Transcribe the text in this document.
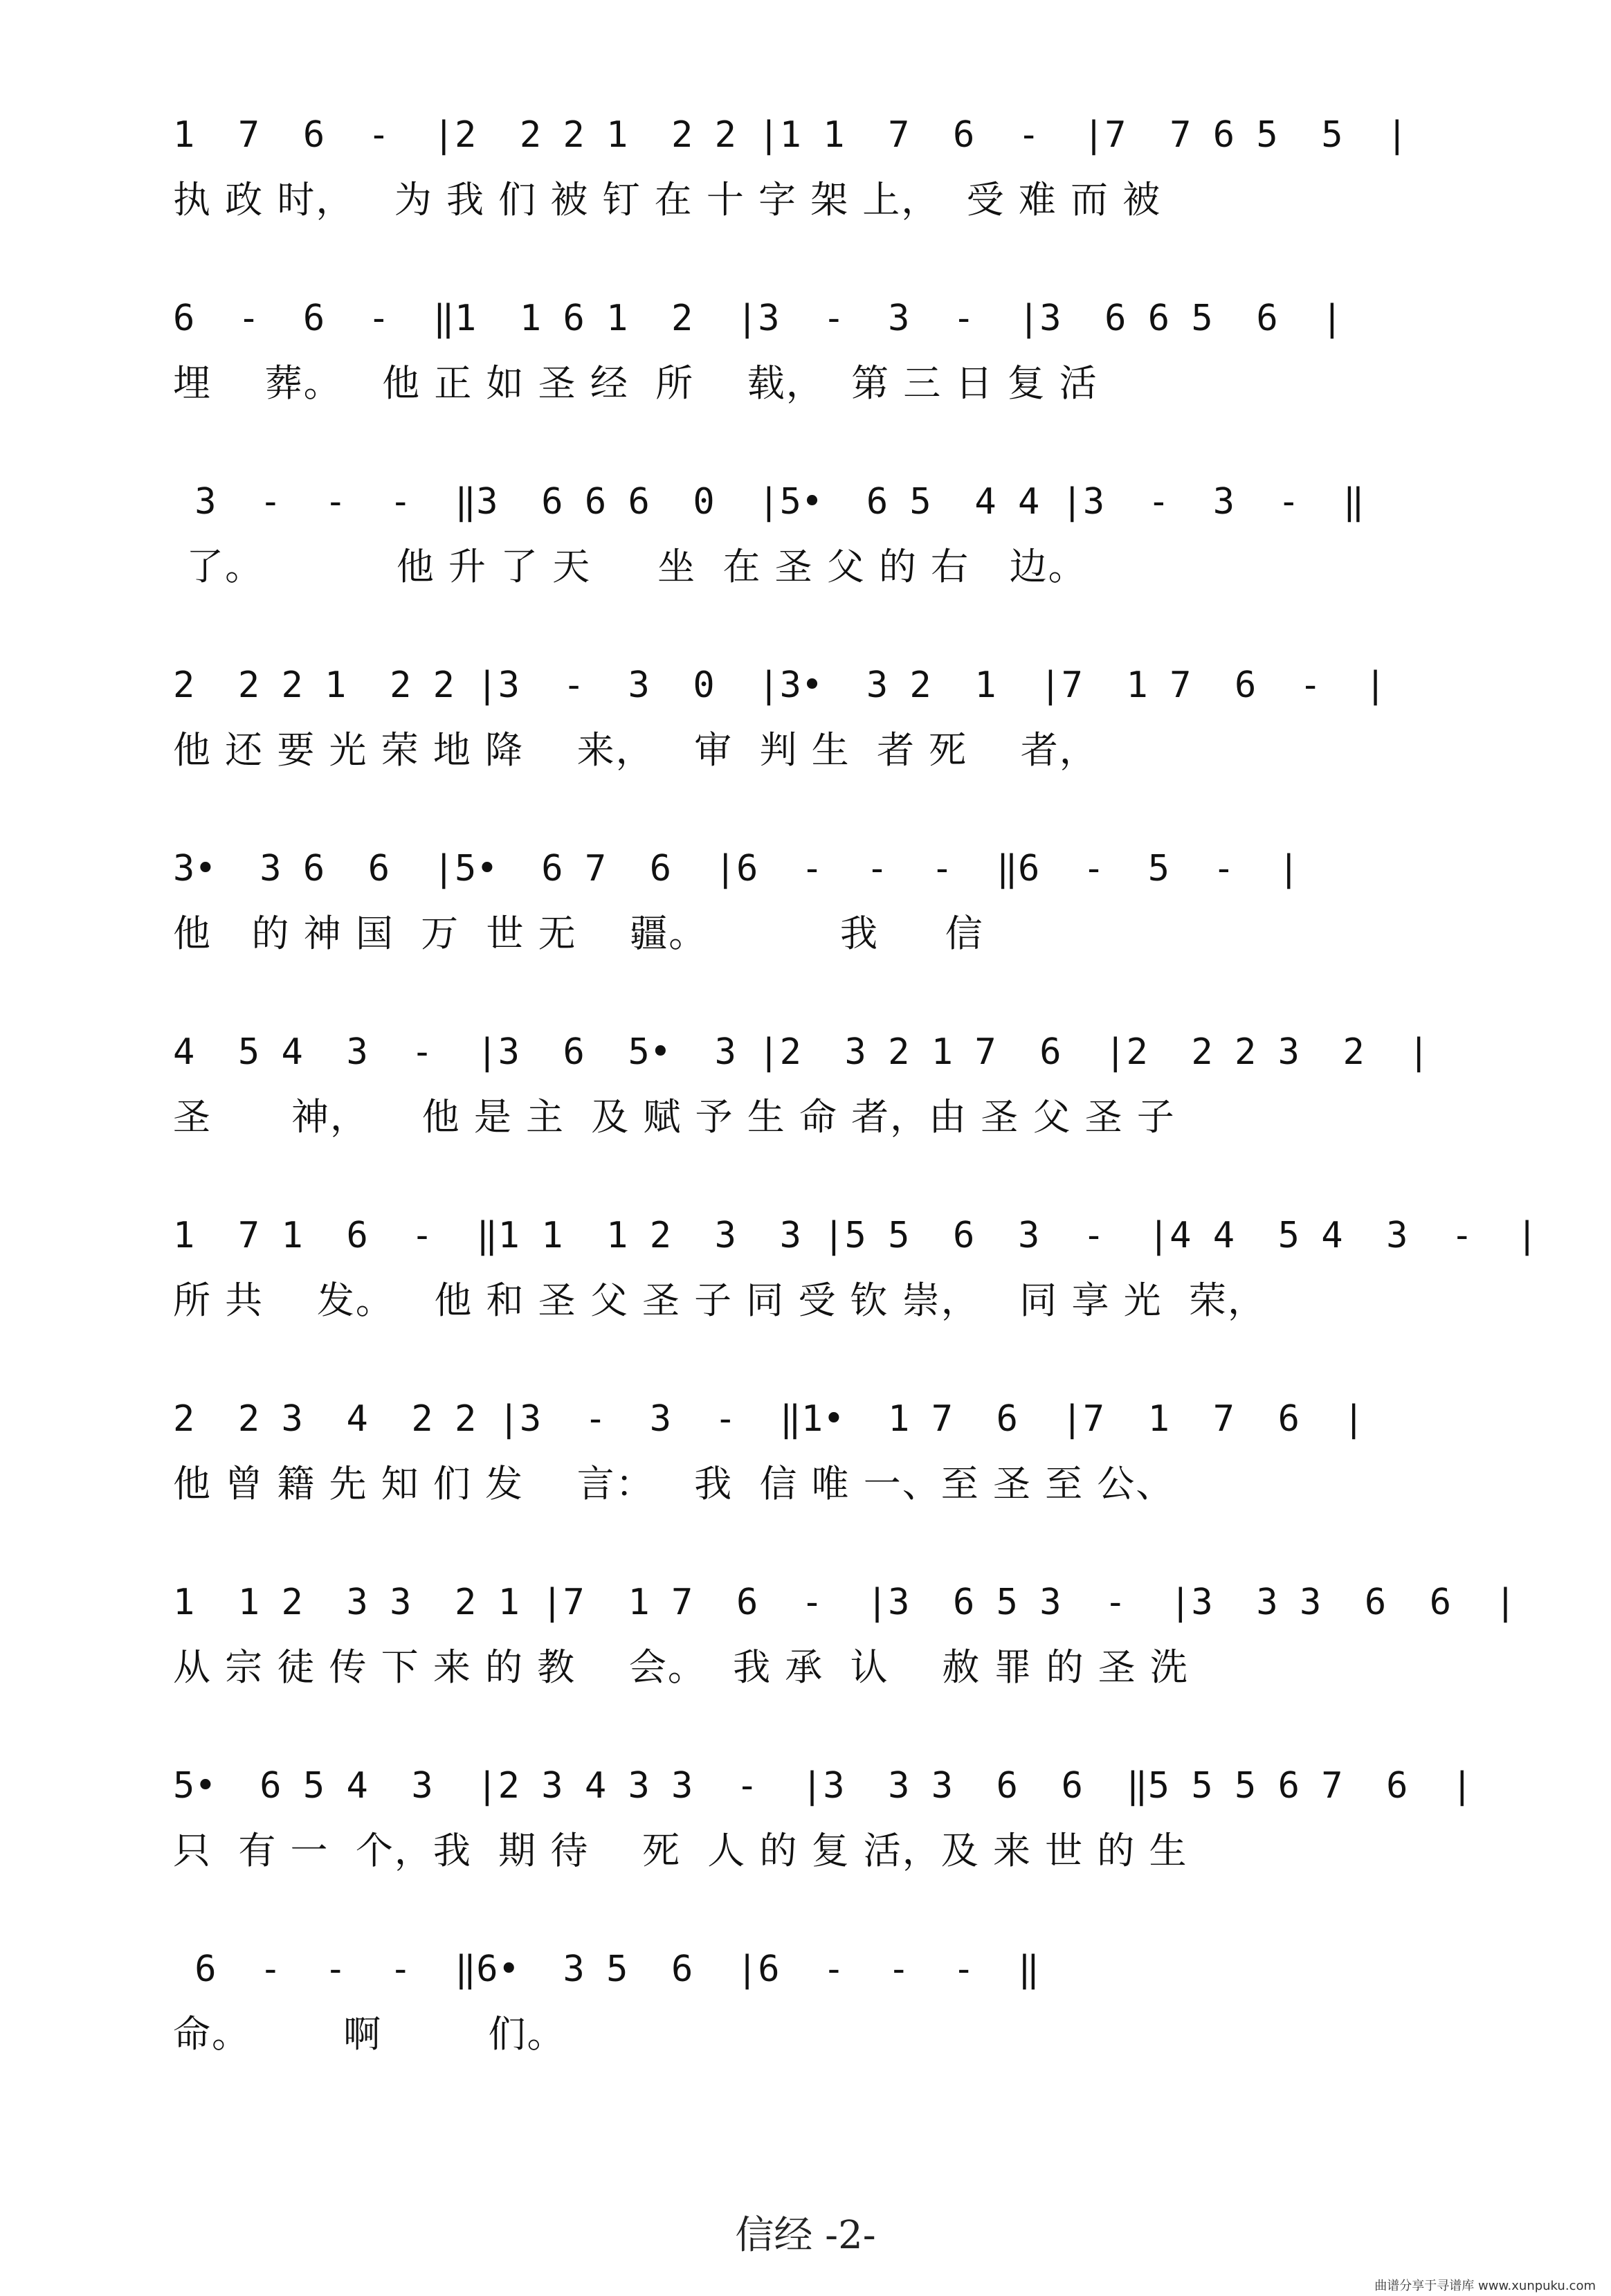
1  7  6  -  |2  2 2 1  2 2 |1 1  7  6  -  |7  7 6 5  5  |
执 政 时，   为 我 们 被 钉 在 十 字 架 上，  受 难 而 被
6  -  6  -  ‖1  1 6 1  2  |3  -  3  -  |3  6 6 5  6  |
埋    葬。   他 正 如 圣 经  所    载，  第 三 日 复 活
3  -  -  -  ‖3  6 6 6  0  |5•  6 5  4 4 |3  -  3  -  ‖
了。          他 升 了 天     坐  在 圣 父 的 右   边。
2  2 2 1  2 2 |3  -  3  0  |3•  3 2  1  |7  1 7  6  -  |
他 还 要 光 荣 地 降    来，   审  判 生  者 死    者，
3•  3 6  6  |5•  6 7  6  |6  -  -  -  ‖6  -  5  -  |
他   的 神 国  万  世 无    疆。          我     信
4  5 4  3  -  |3  6  5•  3 |2  3 2 1 7  6  |2  2 2 3  2  |
圣      神，    他 是 主  及 赋 予 生 命 者，由 圣 父 圣 子
1  7 1  6  -  ‖1 1  1 2  3  3 |5 5  6  3  -  |4 4  5 4  3  -  |
所 共    发。   他 和 圣 父 圣 子 同 受 钦 崇，   同 享 光  荣，
2  2 3  4  2 2 |3  -  3  -  ‖1•  1 7  6  |7  1  7  6  |
他 曾 籍 先 知 们 发    言：   我  信 唯 一、至 圣 至 公、
1  1 2  3 3  2 1 |7  1 7  6  -  |3  6 5 3  -  |3  3 3  6  6  |
从 宗 徒 传 下 来 的 教    会。  我 承  认    赦 罪 的 圣 洗
5•  6 5 4  3  |2 3 4 3 3  -  |3  3 3  6  6  ‖5 5 5 6 7  6  |
只  有 一  个，我  期 待    死  人 的 复 活，及 来 世 的 生
6  -  -  -  ‖6•  3 5  6  |6  -  -  -  ‖
命。       啊        们。
信经 -2-
曲谱分享于寻谱库 www.xunpuku.com
